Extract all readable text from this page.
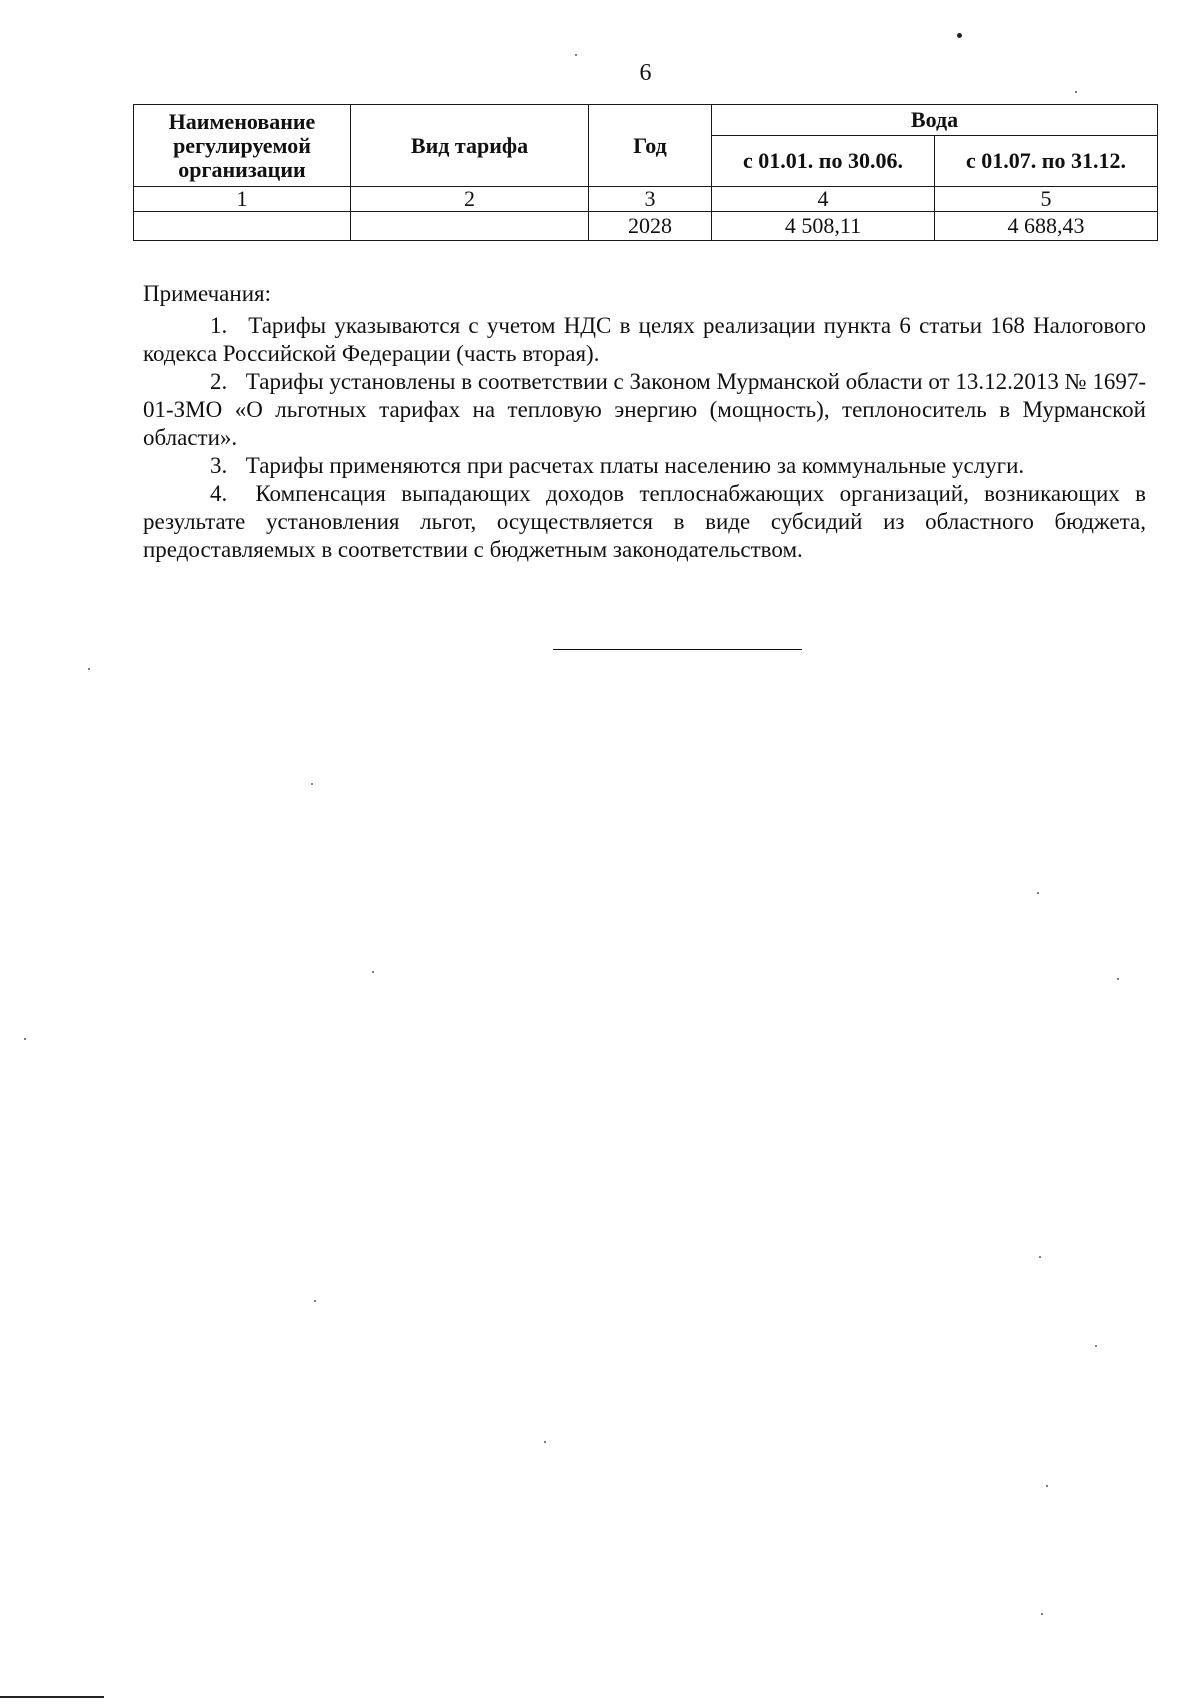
6
Наименование регулируемой организации	Вид тарифа	Год	Вода	
			с 01.01. по 30.06.	с 01.07. по 31.12.
1	2	3	4	5
		2028	4 508,11	4 688,43

Примечания:

1. Тарифы указываются с учетом НДС в целях реализации пункта 6 статьи 168 Налогового кодекса Российской Федерации (часть вторая).

2. Тарифы установлены в соответствии с Законом Мурманской области от 13.12.2013 № 1697-01-ЗМО «О льготных тарифах на тепловую энергию (мощность), теплоноситель в Мурманской области».

3. Тарифы применяются при расчетах платы населению за коммунальные услуги.

4. Компенсация выпадающих доходов теплоснабжающих организаций, возникающих в результате установления льгот, осуществляется в виде субсидий из областного бюджета, предоставляемых в соответствии с бюджетным законодательством.
